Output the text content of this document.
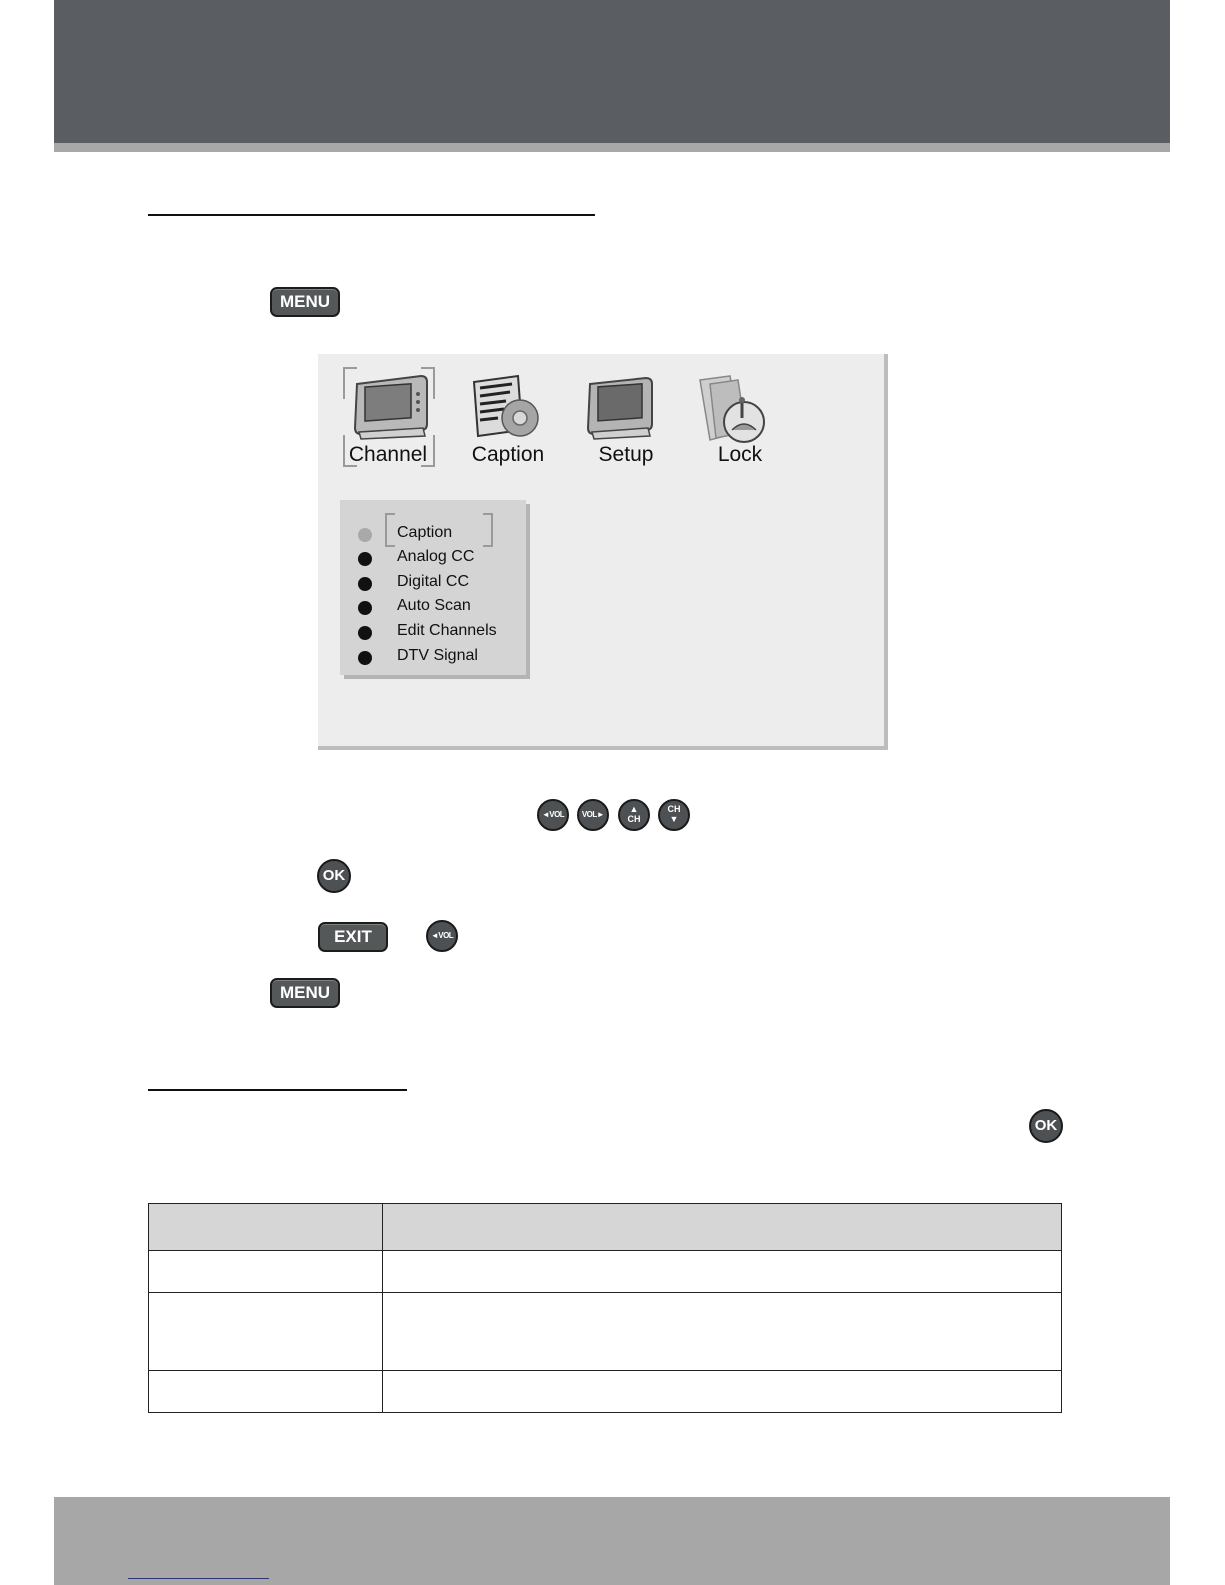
MENU
Channel	Caption	Setup	Lock
Caption
Analog CC
Digital CC
Auto Scan
Edit Channels
DTV Signal
◄VOL	VOL►
▲
CH
CH
▼
OK
EXIT	◄VOL
MENU
OK
